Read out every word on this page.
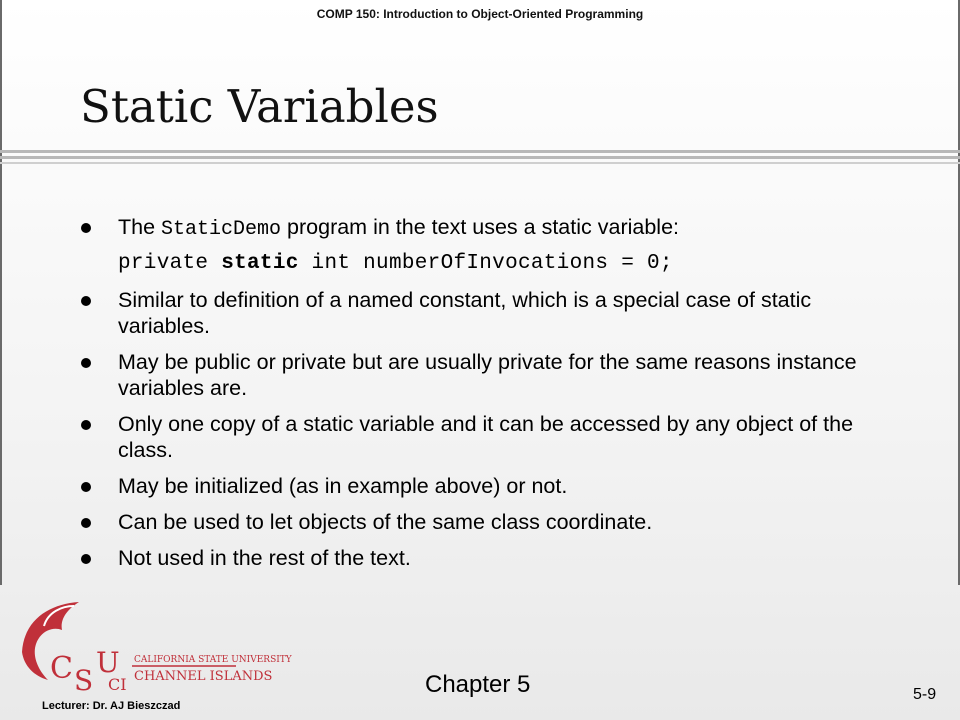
COMP 150: Introduction to Object-Oriented Programming
Static Variables
The StaticDemo program in the text uses a static variable:
private static int numberOfInvocations = 0;
Similar to definition of a named constant, which is a special case of static variables.
May be public or private but are usually private for the same reasons instance variables are.
Only one copy of a static variable and it can be accessed by any object of the class.
May be initialized (as in example above) or not.
Can be used to let objects of the same class coordinate.
Not used in the rest of the text.
C S
U
CI
CALIFORNIA STATE UNIVERSITY
CHANNEL ISLANDS
Lecturer: Dr. AJ Bieszczad
Chapter 5	5-9
